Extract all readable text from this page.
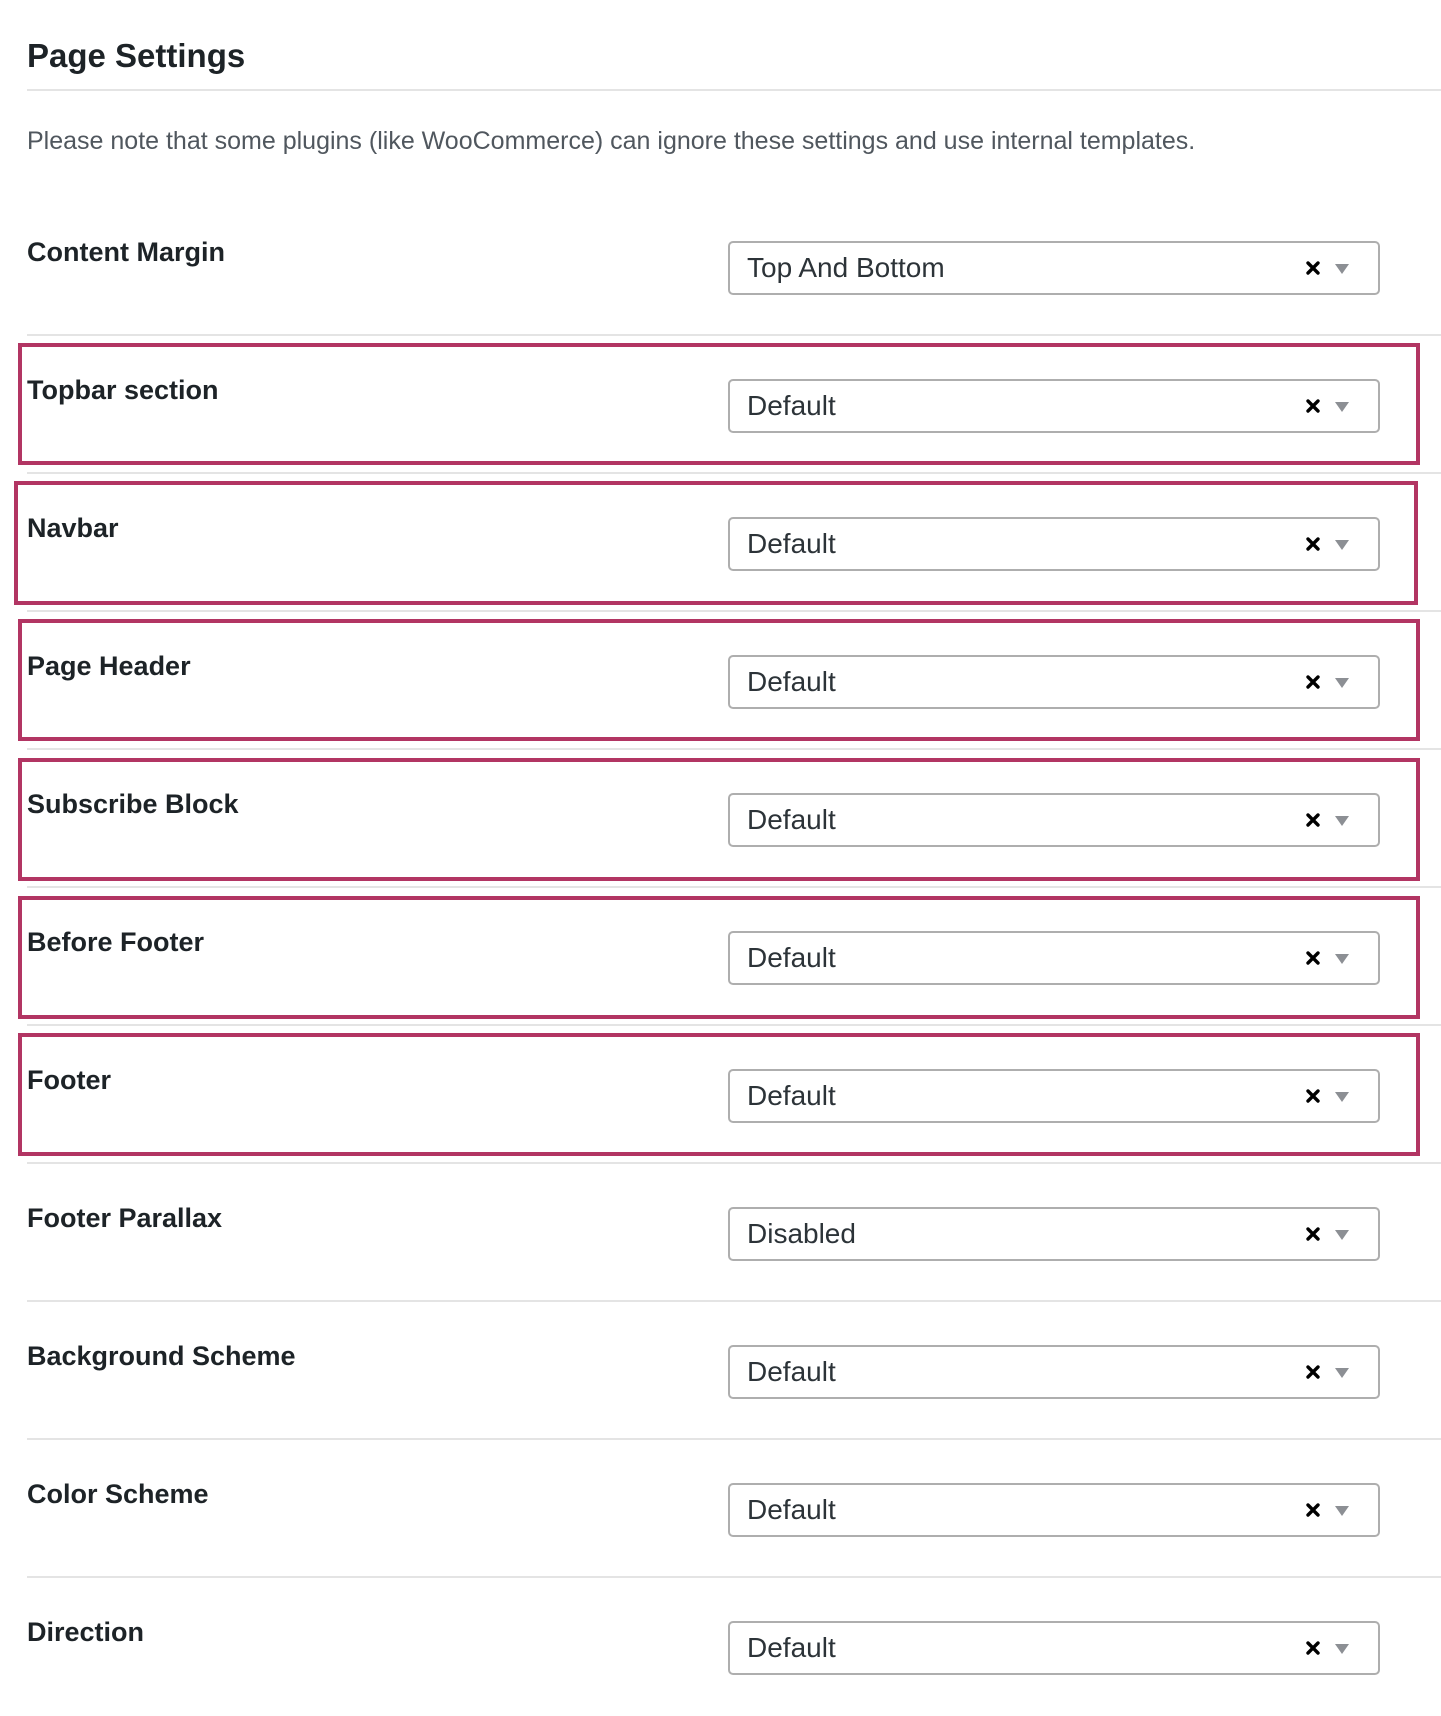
Page Settings

Please note that some plugins (like WooCommerce) can ignore these settings and use internal templates.

Content Margin	Top And Bottom
Topbar section	Default
Navbar	Default
Page Header	Default
Subscribe Block	Default
Before Footer	Default
Footer	Default
Footer Parallax	Disabled
Background Scheme	Default
Color Scheme	Default
Direction	Default
